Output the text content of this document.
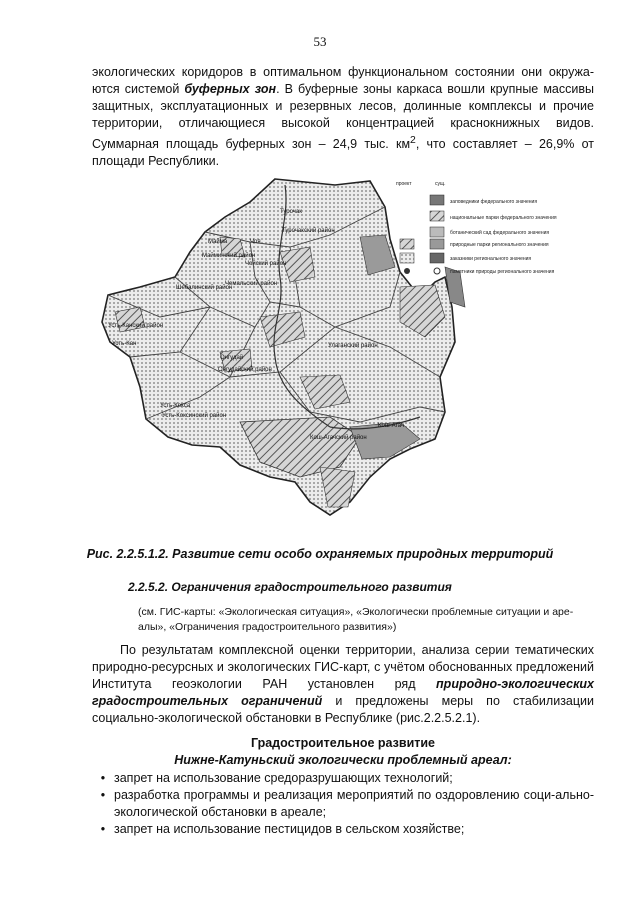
53

экологических коридоров в оптимальном функциональном состоянии они окружаются системой буферных зон. В буферные зоны каркаса вошли крупные массивы защитных, эксплуатационных и резервных лесов, долинные комплексы и прочие территории, отличающиеся высокой концентрацией краснокнижных видов. Суммарная площадь буферных зон – 24,9 тыс. $км^2$, что составляет – 26,9% от площади Республики.

Турочак
Турочакский район
Майма	Чоя
Майминский район
Чойский район
Шебалинский район
Чемальский район
Усть-Канский район
Усть-Кан
Онгудай
Онгудайский район
Улаганский район
Усть-Кокса
Усть-Коксинский район
Кош-Агачский район
Кош-Агач
проект	сущ.
заповедники федерального значения
национальные парки федерального значения
ботанический сад федерального значения
природные парки регионального значения
заказники регионального значения
памятники природы регионального значения
Рис. 2.2.5.1.2. Развитие сети особо охраняемых природных территорий
2.2.5.2. Ограничения градостроительного развития
(см. ГИС-карты: «Экологическая ситуация», «Экологически проблемные ситуации и ареалы», «Ограничения градостроительного развития»)

По результатам комплексной оценки территории, анализа серии тематических природно-ресурсных и экологических ГИС-карт, с учётом обоснованных предложений Института геоэкологии РАН установлен ряд природно-экологических градостроительных ограничений и предложены меры по стабилизации социально-экологической обстановки в Республике (рис.2.2.5.2.1).

Градостроительное развитие
Нижне-Катуньский экологически проблемный ареал:
• запрет на использование средоразрушающих технологий;
• разработка программы и реализация мероприятий по оздоровлению соци-ально-экологической обстановки в ареале;
• запрет на использование пестицидов в сельском хозяйстве;
